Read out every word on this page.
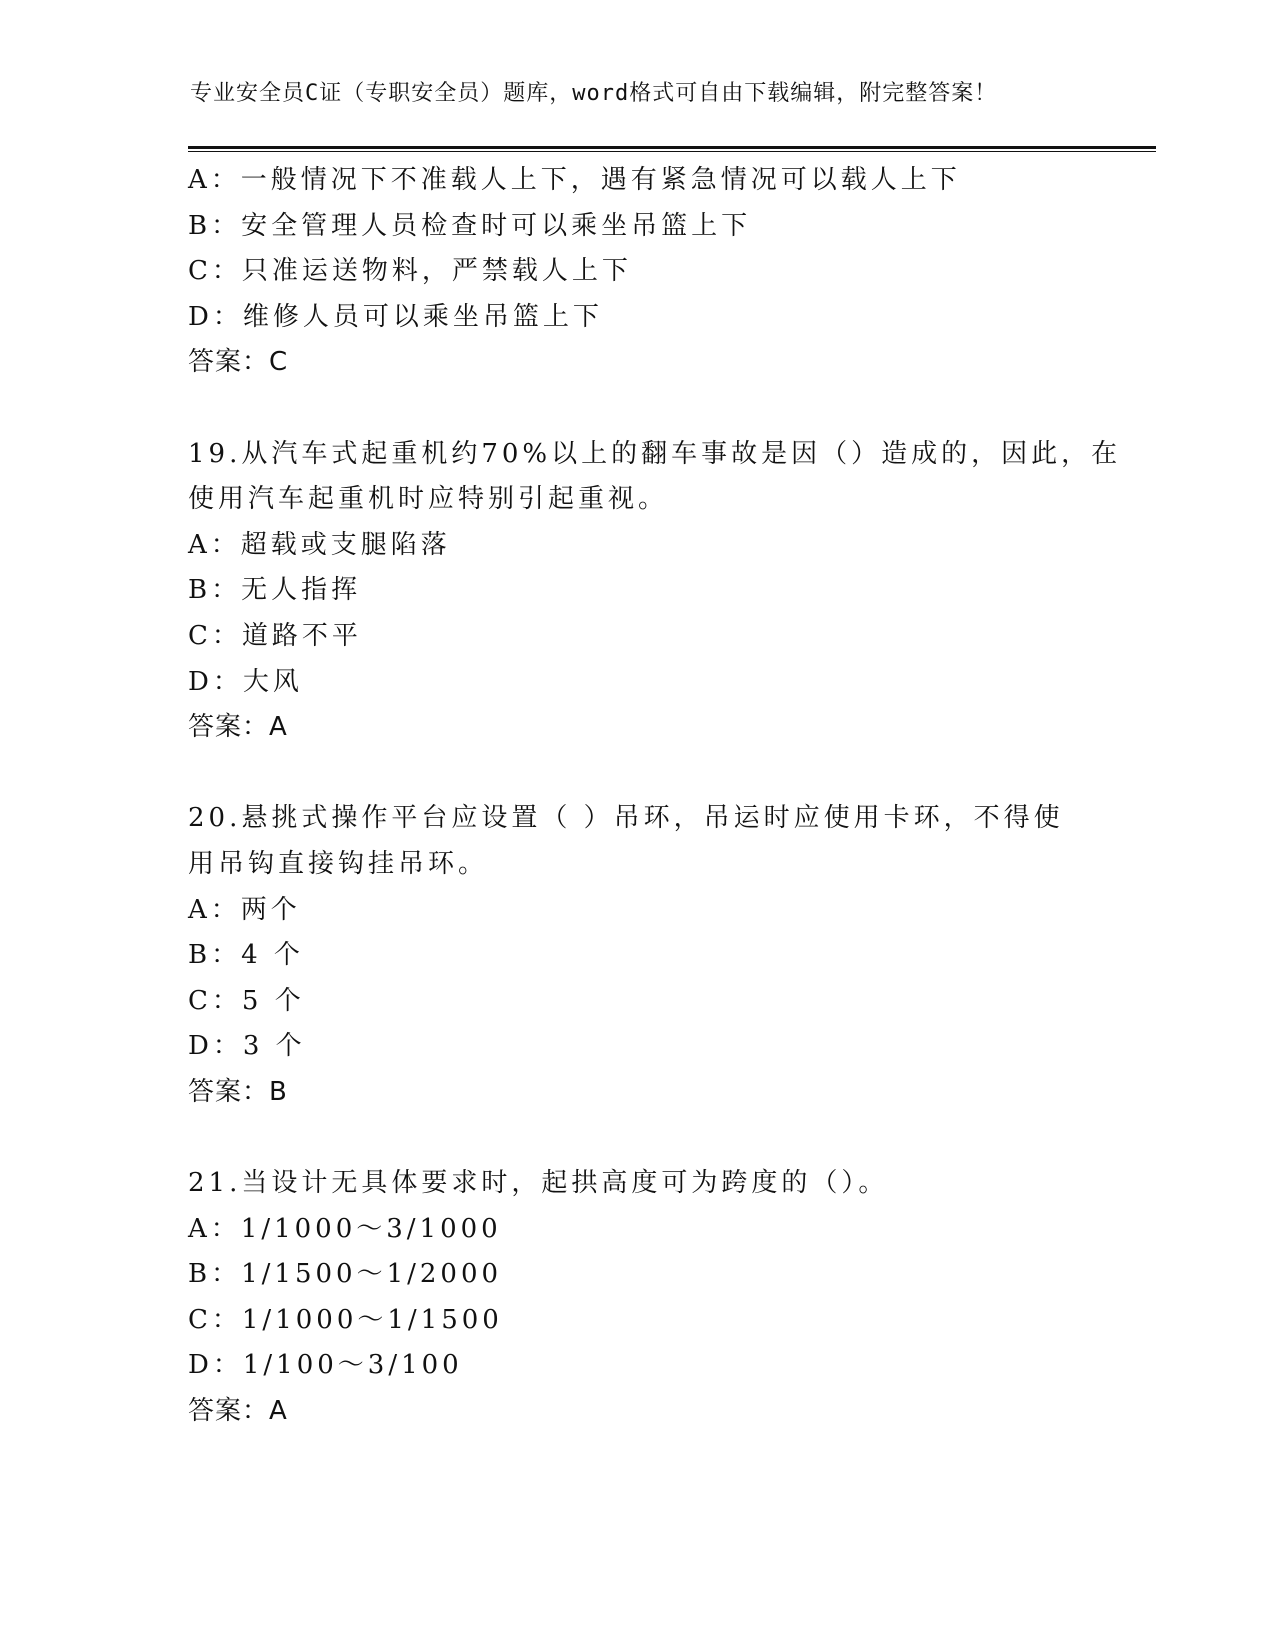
专业安全员C证（专职安全员）题库，word格式可自由下载编辑，附完整答案！
A：一般情况下不准载人上下，遇有紧急情况可以载人上下
B：安全管理人员检查时可以乘坐吊篮上下
C：只准运送物料，严禁载人上下
D：维修人员可以乘坐吊篮上下
答案：C
19.从汽车式起重机约70%以上的翻车事故是因（）造成的，因此，在
使用汽车起重机时应特别引起重视。
A：超载或支腿陷落
B：无人指挥
C：道路不平
D：大风
答案：A
20.悬挑式操作平台应设置（ ）吊环，吊运时应使用卡环，不得使
用吊钩直接钩挂吊环。
A：两个
B：4 个
C：5 个
D：3 个
答案：B
21.当设计无具体要求时，起拱高度可为跨度的（）。
A：1/1000～3/1000
B：1/1500～1/2000
C：1/1000～1/1500
D：1/100～3/100
答案：A
